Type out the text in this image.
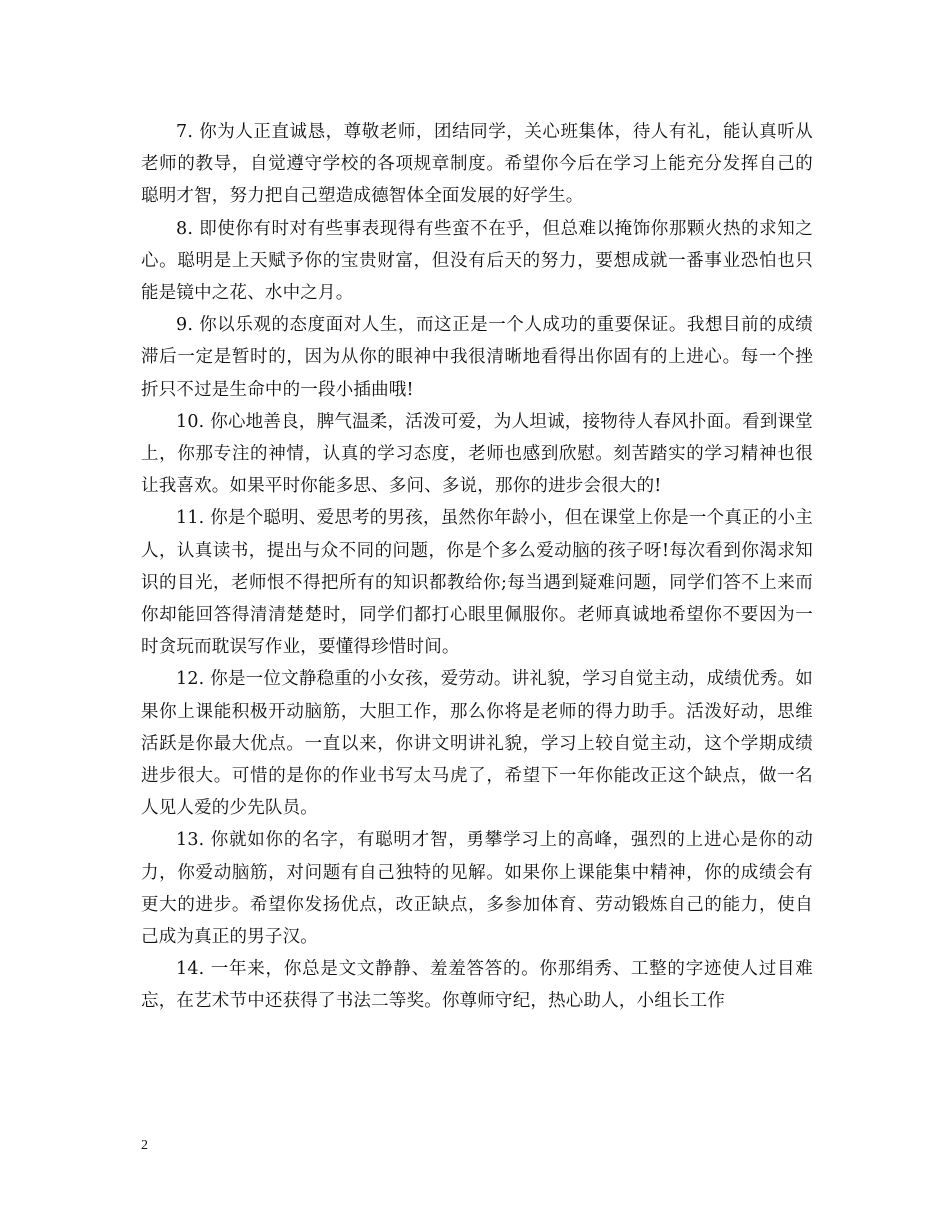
7. 你为人正直诚恳，尊敬老师，团结同学，关心班集体，待人有礼，能认真听从老师的教导，自觉遵守学校的各项规章制度。希望你今后在学习上能充分发挥自己的聪明才智，努力把自己塑造成德智体全面发展的好学生。

8. 即使你有时对有些事表现得有些蛮不在乎，但总难以掩饰你那颗火热的求知之心。聪明是上天赋予你的宝贵财富，但没有后天的努力，要想成就一番事业恐怕也只能是镜中之花、水中之月。

9. 你以乐观的态度面对人生，而这正是一个人成功的重要保证。我想目前的成绩滞后一定是暂时的，因为从你的眼神中我很清晰地看得出你固有的上进心。每一个挫折只不过是生命中的一段小插曲哦!

10. 你心地善良，脾气温柔，活泼可爱，为人坦诚，接物待人春风扑面。看到课堂上，你那专注的神情，认真的学习态度，老师也感到欣慰。刻苦踏实的学习精神也很让我喜欢。如果平时你能多思、多问、多说，那你的进步会很大的!

11. 你是个聪明、爱思考的男孩，虽然你年龄小，但在课堂上你是一个真正的小主人，认真读书，提出与众不同的问题，你是个多么爱动脑的孩子呀!每次看到你渴求知识的目光，老师恨不得把所有的知识都教给你;每当遇到疑难问题，同学们答不上来而你却能回答得清清楚楚时，同学们都打心眼里佩服你。老师真诚地希望你不要因为一时贪玩而耽误写作业，要懂得珍惜时间。

12. 你是一位文静稳重的小女孩，爱劳动。讲礼貌，学习自觉主动，成绩优秀。如果你上课能积极开动脑筋，大胆工作，那么你将是老师的得力助手。活泼好动，思维活跃是你最大优点。一直以来，你讲文明讲礼貌，学习上较自觉主动，这个学期成绩进步很大。可惜的是你的作业书写太马虎了，希望下一年你能改正这个缺点，做一名人见人爱的少先队员。

13. 你就如你的名字，有聪明才智，勇攀学习上的高峰，强烈的上进心是你的动力，你爱动脑筋，对问题有自己独特的见解。如果你上课能集中精神，你的成绩会有更大的进步。希望你发扬优点，改正缺点，多参加体育、劳动锻炼自己的能力，使自己成为真正的男子汉。

14. 一年来，你总是文文静静、羞羞答答的。你那绢秀、工整的字迹使人过目难忘，在艺术节中还获得了书法二等奖。你尊师守纪，热心助人，小组长工作

2
